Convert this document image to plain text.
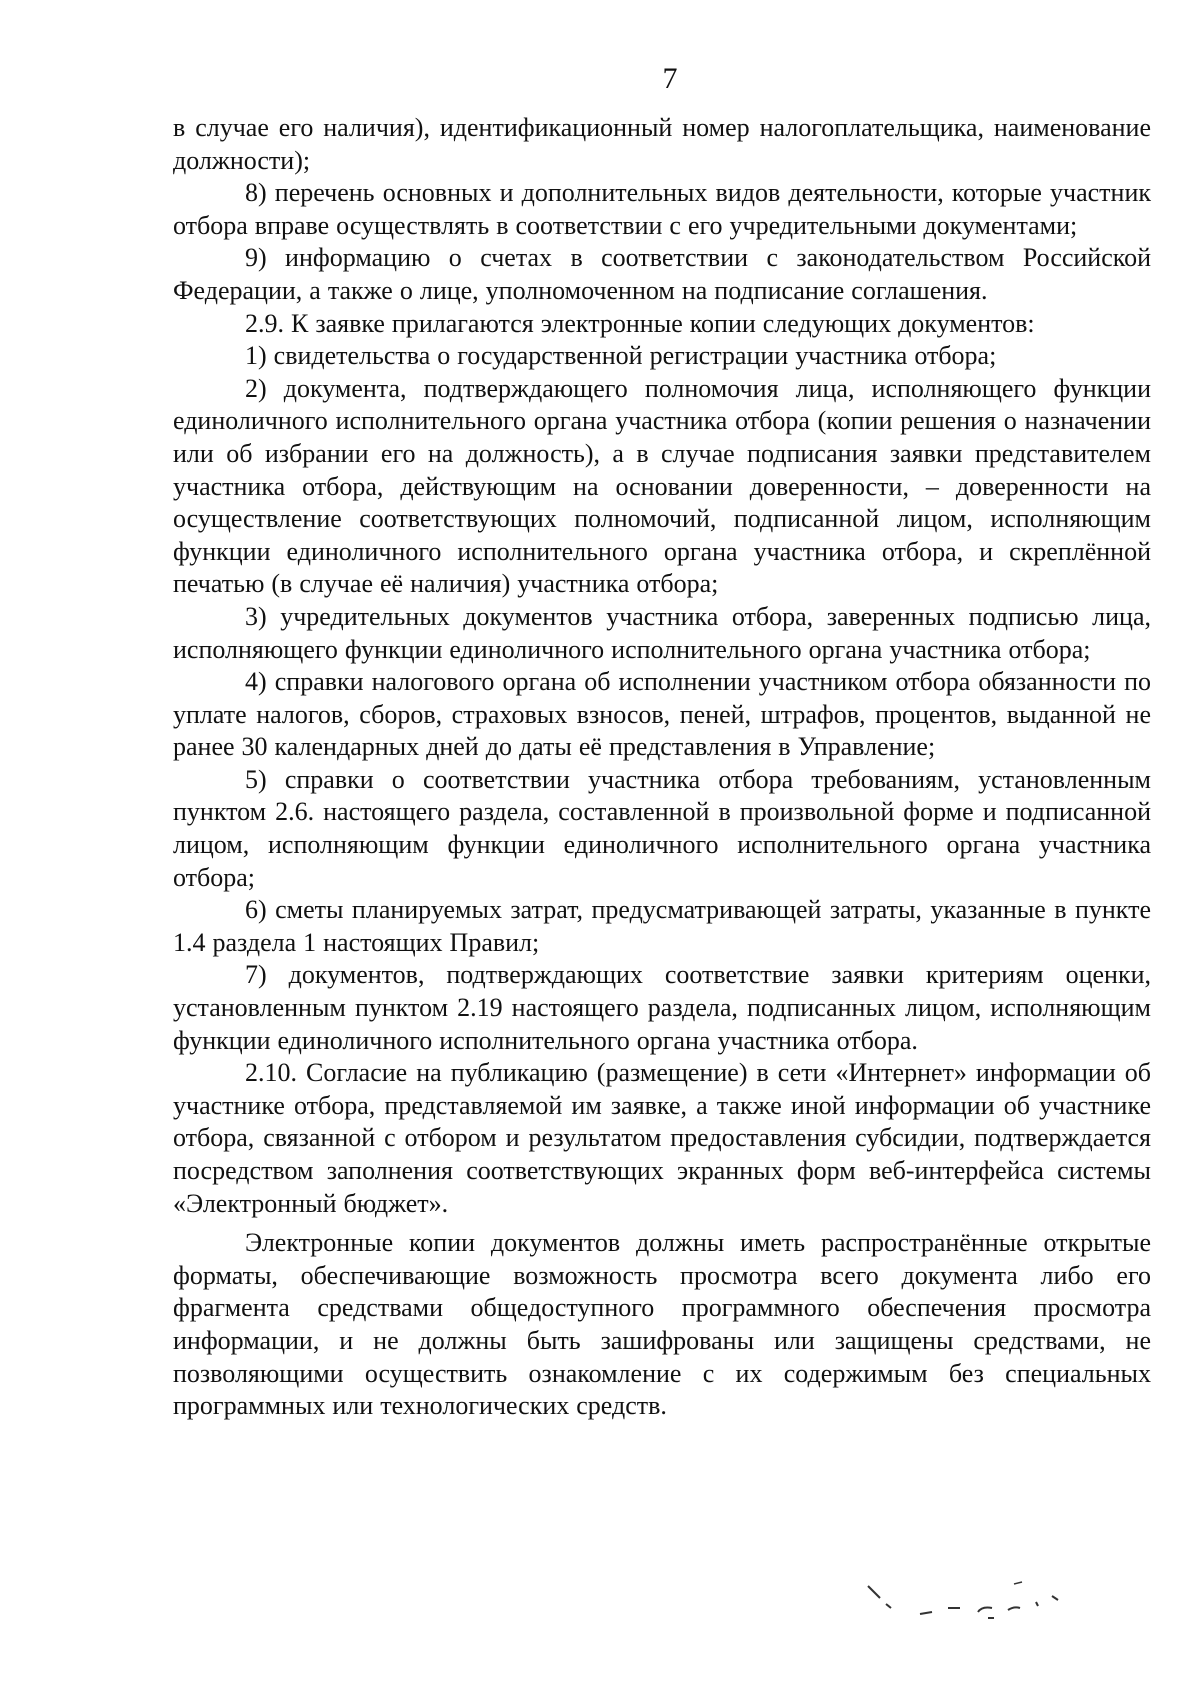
7

в случае его наличия), идентификационный номер налогоплательщика, наименование должности);

8) перечень основных и дополнительных видов деятельности, которые участник отбора вправе осуществлять в соответствии с его учредительными документами;

9) информацию о счетах в соответствии с законодательством Российской Федерации, а также о лице, уполномоченном на подписание соглашения.

2.9. К заявке прилагаются электронные копии следующих документов:

1) свидетельства о государственной регистрации участника отбора;

2) документа, подтверждающего полномочия лица, исполняющего функции единоличного исполнительного органа участника отбора (копии решения о назначении или об избрании его на должность), а в случае подписания заявки представителем участника отбора, действующим на основании доверенности, – доверенности на осуществление соответствующих полномочий, подписанной лицом, исполняющим функции единоличного исполнительного органа участника отбора, и скреплённой печатью (в случае её наличия) участника отбора;

3) учредительных документов участника отбора, заверенных подписью лица, исполняющего функции единоличного исполнительного органа участника отбора;

4) справки налогового органа об исполнении участником отбора обязанности по уплате налогов, сборов, страховых взносов, пеней, штрафов, процентов, выданной не ранее 30 календарных дней до даты её представления в Управление;

5) справки о соответствии участника отбора требованиям, установленным пунктом 2.6. настоящего раздела, составленной в произвольной форме и подписанной лицом, исполняющим функции единоличного исполнительного органа участника отбора;

6) сметы планируемых затрат, предусматривающей затраты, указанные в пункте 1.4 раздела 1 настоящих Правил;

7) документов, подтверждающих соответствие заявки критериям оценки, установленным пунктом 2.19 настоящего раздела, подписанных лицом, исполняющим функции единоличного исполнительного органа участника отбора.

2.10. Согласие на публикацию (размещение) в сети «Интернет» информации об участнике отбора, представляемой им заявке, а также иной информации об участнике отбора, связанной с отбором и результатом предоставления субсидии, подтверждается посредством заполнения соответствующих экранных форм веб-интерфейса системы «Электронный бюджет».

Электронные копии документов должны иметь распространённые открытые форматы, обеспечивающие возможность просмотра всего документа либо его фрагмента средствами общедоступного программного обеспечения просмотра информации, и не должны быть зашифрованы или защищены средствами, не позволяющими осуществить ознакомление с их содержимым без специальных программных или технологических средств.
